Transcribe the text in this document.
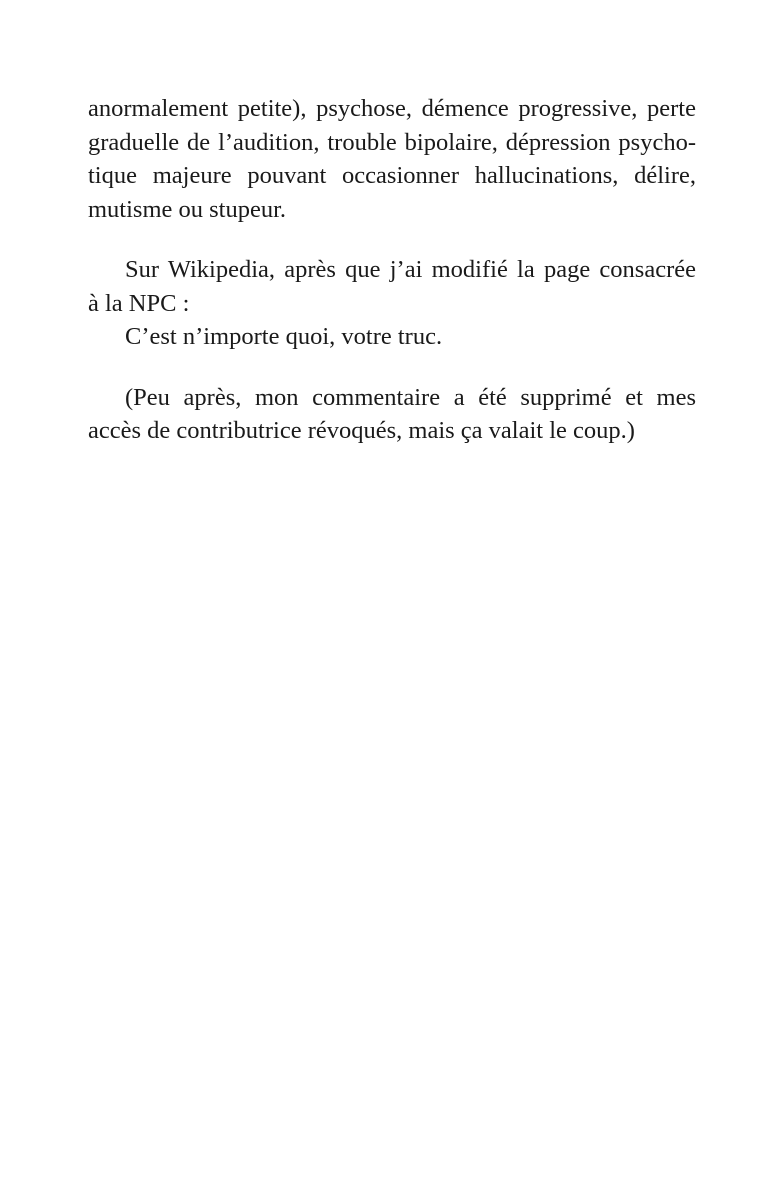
anormalement petite), psychose, démence progressive, perte
graduelle de l’audition, trouble bipolaire, dépression psycho-
tique majeure pouvant occasionner hallucinations, délire,
mutisme ou stupeur.
Sur Wikipedia, après que j’ai modifié la page consacrée
à la NPC :
C’est n’importe quoi, votre truc.
(Peu après, mon commentaire a été supprimé et mes
accès de contributrice révoqués, mais ça valait le coup.)
